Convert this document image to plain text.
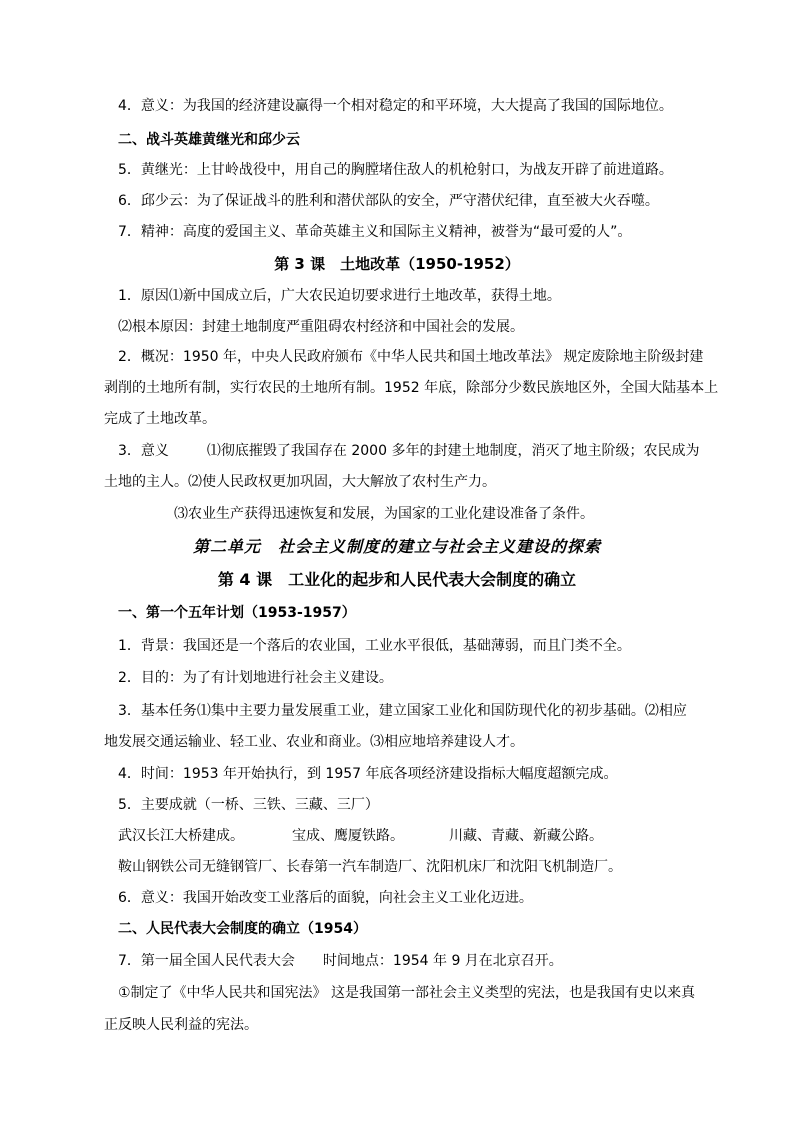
4．意义：为我国的经济建设赢得一个相对稳定的和平环境，大大提高了我国的国际地位。
二、战斗英雄黄继光和邱少云
5．黄继光：上甘岭战役中，用自己的胸膛堵住敌人的机枪射口，为战友开辟了前进道路。
6．邱少云：为了保证战斗的胜利和潜伏部队的安全，严守潜伏纪律，直至被大火吞噬。
7．精神：高度的爱国主义、革命英雄主义和国际主义精神，被誉为“最可爱的人”。
第 3 课　土地改革（1950-1952）
1．原因⑴新中国成立后，广大农民迫切要求进行土地改革，获得土地。
⑵根本原因：封建土地制度严重阻碍农村经济和中国社会的发展。
2．概况：1950 年，中央人民政府颁布《中华人民共和国土地改革法》 规定废除地主阶级封建
剥削的土地所有制，实行农民的土地所有制。1952 年底，除部分少数民族地区外，全国大陆基本上
完成了土地改革。
3．意义	⑴彻底摧毁了我国存在 2000 多年的封建土地制度，消灭了地主阶级；农民成为
土地的主人。⑵使人民政权更加巩固，大大解放了农村生产力。
⑶农业生产获得迅速恢复和发展，为国家的工业化建设准备了条件。
第二单元　社会主义制度的建立与社会主义建设的探索
第 4 课　工业化的起步和人民代表大会制度的确立
一、第一个五年计划（1953-1957）
1．背景：我国还是一个落后的农业国，工业水平很低，基础薄弱，而且门类不全。
2．目的：为了有计划地进行社会主义建设。
3．基本任务⑴集中主要力量发展重工业，建立国家工业化和国防现代化的初步基础。⑵相应
地发展交通运输业、轻工业、农业和商业。⑶相应地培养建设人才。
4．时间：1953 年开始执行，到 1957 年底各项经济建设指标大幅度超额完成。
5．主要成就（一桥、三铁、三藏、三厂）
武汉长江大桥建成。	宝成、鹰厦铁路。	川藏、青藏、新藏公路。
鞍山钢铁公司无缝钢管厂、长春第一汽车制造厂、沈阳机床厂和沈阳飞机制造厂。
6．意义：我国开始改变工业落后的面貌，向社会主义工业化迈进。
二、人民代表大会制度的确立（1954）
7．第一届全国人民代表大会 时间地点：1954 年 9 月在北京召开。
①制定了《中华人民共和国宪法》 这是我国第一部社会主义类型的宪法，也是我国有史以来真
正反映人民利益的宪法。
